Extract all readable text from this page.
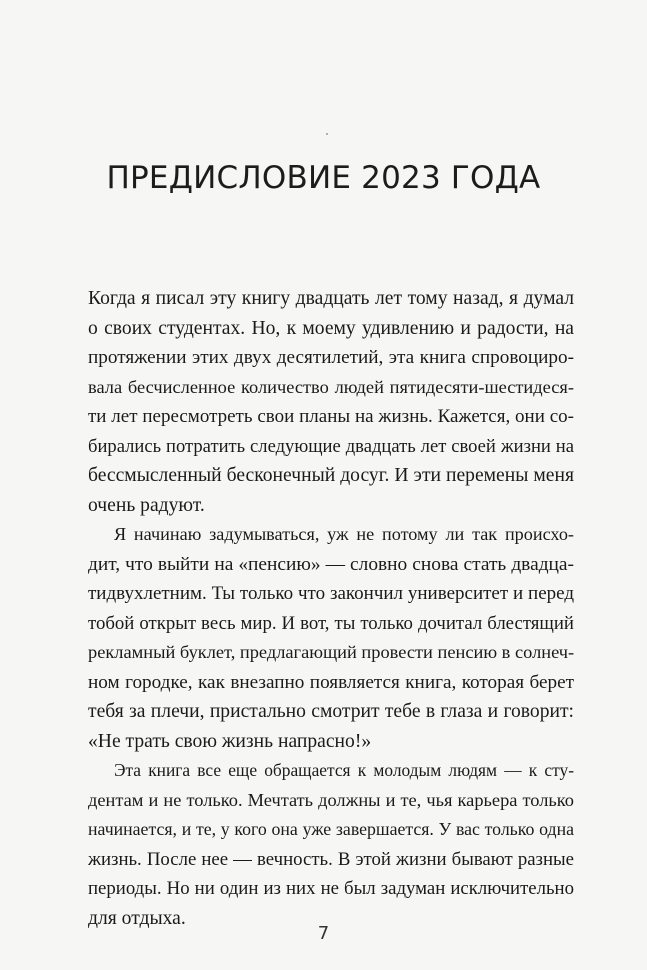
ПРЕДИСЛОВИЕ 2023 ГОДА

Когда я писал эту книгу двадцать лет тому назад, я думал
о своих студентах. Но, к моему удивлению и радости, на
протяжении этих двух десятилетий, эта книга спровоциро-
вала бесчисленное количество людей пятидесяти-шестидеся-
ти лет пересмотреть свои планы на жизнь. Кажется, они со-
бирались потратить следующие двадцать лет своей жизни на
бессмысленный бесконечный досуг. И эти перемены меня
очень радуют.

Я начинаю задумываться, уж не потому ли так происхо-
дит, что выйти на «пенсию» — словно снова стать двадца-
тидвухлетним. Ты только что закончил университет и перед
тобой открыт весь мир. И вот, ты только дочитал блестящий
рекламный буклет, предлагающий провести пенсию в солнеч-
ном городке, как внезапно появляется книга, которая берет
тебя за плечи, пристально смотрит тебе в глаза и говорит:
«Не трать свою жизнь напрасно!»

Эта книга все еще обращается к молодым людям — к сту-
дентам и не только. Мечтать должны и те, чья карьера только
начинается, и те, у кого она уже завершается. У вас только одна
жизнь. После нее — вечность. В этой жизни бывают разные
периоды. Но ни один из них не был задуман исключительно
для отдыха.

7
